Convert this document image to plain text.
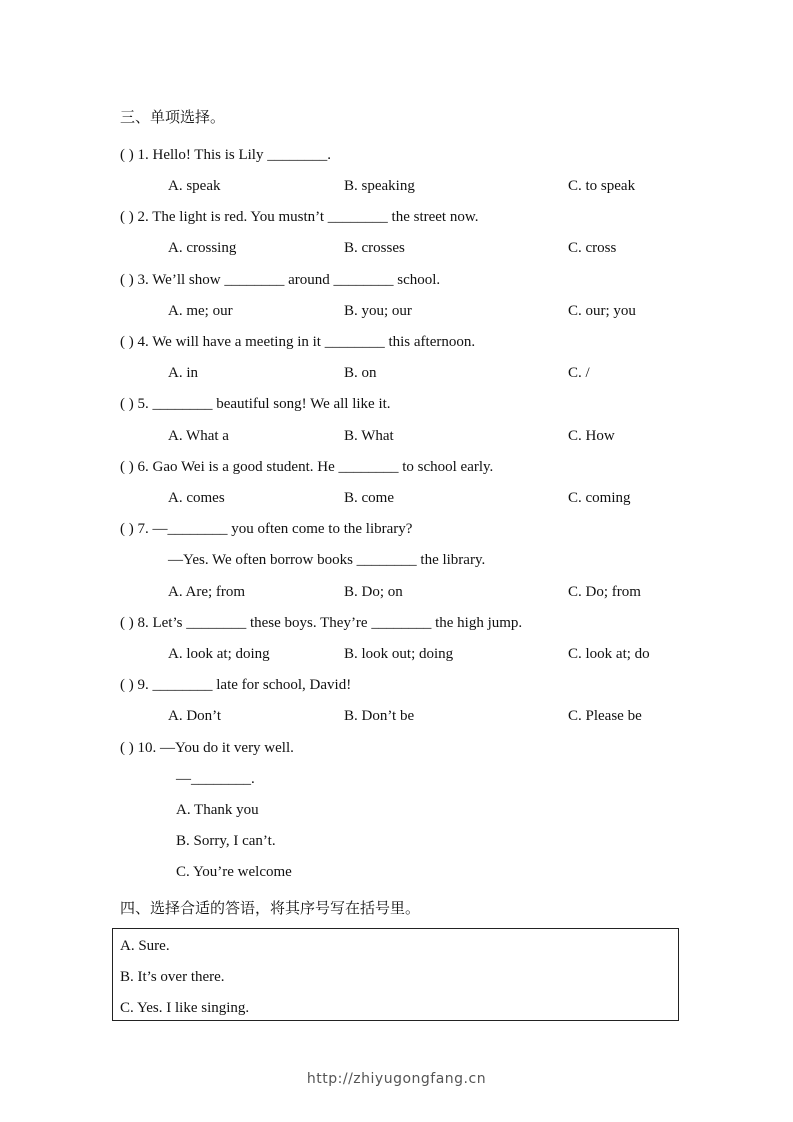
三、单项选择。
( ) 1. Hello! This is Lily ________.
A. speak	B. speaking	C. to speak
( ) 2. The light is red. You mustn’t ________ the street now.
A. crossing	B. crosses	C. cross
( ) 3. We’ll show ________ around ________ school.
A. me; our	B. you; our	C. our; you
( ) 4. We will have a meeting in it ________ this afternoon.
A. in	B. on	C. /
( ) 5. ________ beautiful song! We all like it.
A. What a	B. What	C. How
( ) 6. Gao Wei is a good student. He ________ to school early.
A. comes	B. come	C. coming
( ) 7. —________ you often come to the library?
—Yes. We often borrow books ________ the library.
A. Are; from	B. Do; on	C. Do; from
( ) 8. Let’s ________ these boys. They’re ________ the high jump.
A. look at; doing	B. look out; doing	C. look at; do
( ) 9. ________ late for school, David!
A. Don’t	B. Don’t be	C. Please be
( ) 10. —You do it very well.
—________.
A. Thank you
B. Sorry, I can’t.
C. You’re welcome
四、选择合适的答语，将其序号写在括号里。
A. Sure.
B. It’s over there.
C. Yes. I like singing.
http://zhiyugongfang.cn
